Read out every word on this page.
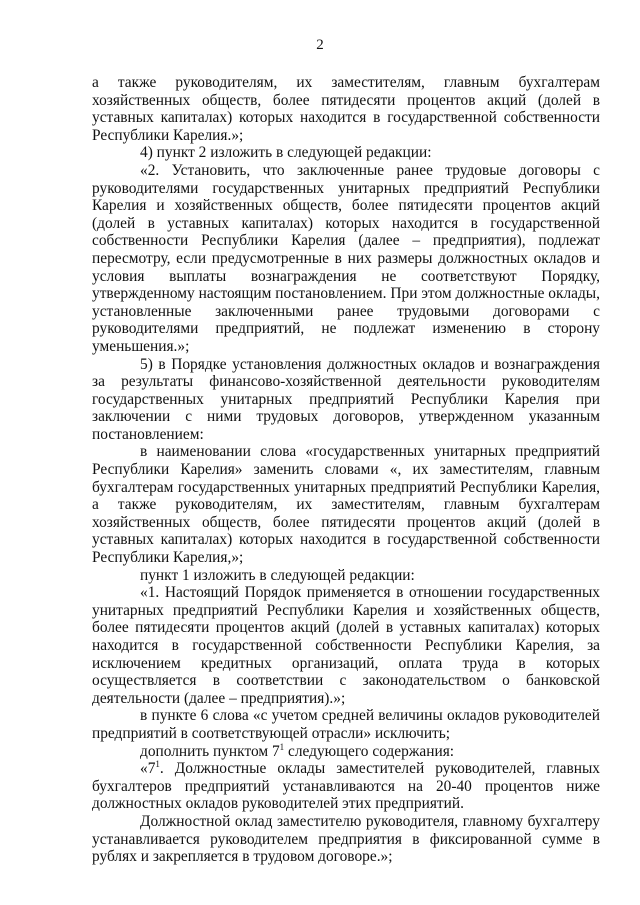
2

а также руководителям, их заместителям, главным бухгалтерам хозяйственных обществ, более пятидесяти процентов акций (долей в уставных капиталах) которых находится в государственной собственности Республики Карелия.»;

4) пункт 2 изложить в следующей редакции:

«2. Установить, что заключенные ранее трудовые договоры с руководителями государственных унитарных предприятий Республики Карелия и хозяйственных обществ, более пятидесяти процентов акций (долей в уставных капиталах) которых находится в государственной собственности Республики Карелия (далее – предприятия), подлежат пересмотру, если предусмотренные в них размеры должностных окладов и условия выплаты вознаграждения не соответствуют Порядку, утвержденному настоящим постановлением. При этом должностные оклады, установленные заключенными ранее трудовыми договорами с руководителями предприятий, не подлежат изменению в сторону уменьшения.»;

5) в Порядке установления должностных окладов и вознаграждения за результаты финансово-хозяйственной деятельности руководителям государственных унитарных предприятий Республики Карелия при заключении с ними трудовых договоров, утвержденном указанным постановлением:

в наименовании слова «государственных унитарных предприятий Республики Карелия» заменить словами «, их заместителям, главным бухгалтерам государственных унитарных предприятий Республики Карелия, а также руководителям, их заместителям, главным бухгалтерам хозяйственных обществ, более пятидесяти процентов акций (долей в уставных капиталах) которых находится в государственной собственности Республики Карелия,»;

пункт 1 изложить в следующей редакции:

«1. Настоящий Порядок применяется в отношении государственных унитарных предприятий Республики Карелия и хозяйственных обществ, более пятидесяти процентов акций (долей в уставных капиталах) которых находится в государственной собственности Республики Карелия, за исключением кредитных организаций, оплата труда в которых осуществляется в соответствии с законодательством о банковской деятельности (далее – предприятия).»;

в пункте 6 слова «с учетом средней величины окладов руководителей предприятий в соответствующей отрасли» исключить;

дополнить пунктом $7^1$ следующего содержания:

«$7^1$. Должностные оклады заместителей руководителей, главных бухгалтеров предприятий устанавливаются на 20-40 процентов ниже должностных окладов руководителей этих предприятий.

Должностной оклад заместителю руководителя, главному бухгалтеру устанавливается руководителем предприятия в фиксированной сумме в рублях и закрепляется в трудовом договоре.»;
